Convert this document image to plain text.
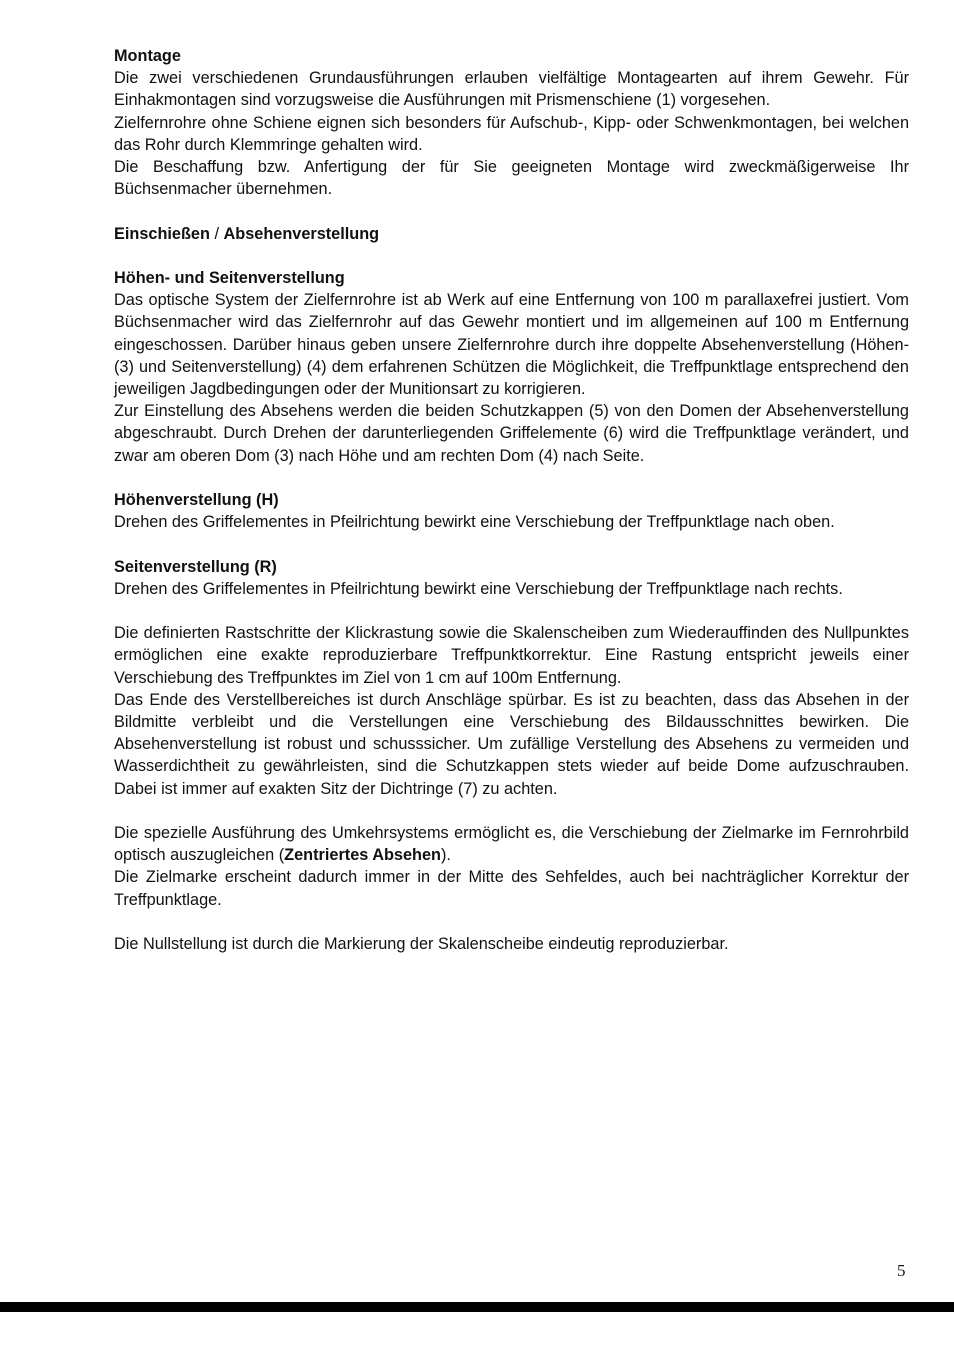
Montage

Die zwei verschiedenen Grundausführungen erlauben vielfältige Montagearten auf ihrem Gewehr. Für Einhakmontagen sind vorzugsweise die Ausführungen mit Prismenschiene (1) vorgesehen.

Zielfernrohre ohne Schiene eignen sich besonders für Aufschub-, Kipp- oder Schwenkmontagen, bei welchen das Rohr durch Klemmringe gehalten wird.

Die Beschaffung bzw. Anfertigung der für Sie geeigneten Montage wird zweckmäßigerweise Ihr Büchsenmacher übernehmen.

Einschießen / Absehenverstellung

Höhen- und Seitenverstellung

Das optische System der Zielfernrohre ist ab Werk auf eine Entfernung von 100 m parallaxefrei justiert. Vom Büchsenmacher wird das Zielfernrohr auf das Gewehr montiert und im allgemeinen auf 100 m Entfernung eingeschossen. Darüber hinaus geben unsere Zielfernrohre durch ihre doppelte Absehenverstellung (Höhen- (3) und Seitenverstellung) (4) dem erfahrenen Schützen die Möglichkeit, die Treffpunktlage entsprechend den jeweiligen Jagdbedingungen oder der Munitionsart zu korrigieren.

Zur Einstellung des Absehens werden die beiden Schutzkappen (5) von den Domen der Absehenverstellung abgeschraubt. Durch Drehen der darunterliegenden Griffelemente (6) wird die Treffpunktlage verändert, und zwar am oberen Dom (3) nach Höhe und am rechten Dom (4) nach Seite.

Höhenverstellung (H)

Drehen des Griffelementes in Pfeilrichtung bewirkt eine Verschiebung der Treffpunktlage nach oben.

Seitenverstellung (R)

Drehen des Griffelementes in Pfeilrichtung bewirkt eine Verschiebung der Treffpunktlage nach rechts.

Die definierten Rastschritte der Klickrastung sowie die Skalenscheiben zum Wiederauffinden des Nullpunktes ermöglichen eine exakte reproduzierbare Treffpunktkorrektur. Eine Rastung entspricht jeweils einer Verschiebung des Treffpunktes im Ziel von 1 cm auf 100m Entfernung.

Das Ende des Verstellbereiches ist durch Anschläge spürbar. Es ist zu beachten, dass das Absehen in der Bildmitte verbleibt und die Verstellungen eine Verschiebung des Bildausschnittes bewirken. Die Absehenverstellung ist robust und schusssicher. Um zufällige Verstellung des Absehens zu vermeiden und Wasserdichtheit zu gewährleisten, sind die Schutzkappen stets wieder auf beide Dome aufzuschrauben. Dabei ist immer auf exakten Sitz der Dichtringe (7) zu achten.

Die spezielle Ausführung des Umkehrsystems ermöglicht es, die Verschiebung der Zielmarke im Fernrohrbild optisch auszugleichen (Zentriertes Absehen).

Die Zielmarke erscheint dadurch immer in der Mitte des Sehfeldes, auch bei nachträglicher Korrektur der Treffpunktlage.

Die Nullstellung ist durch die Markierung der Skalenscheibe eindeutig reproduzierbar.

5
